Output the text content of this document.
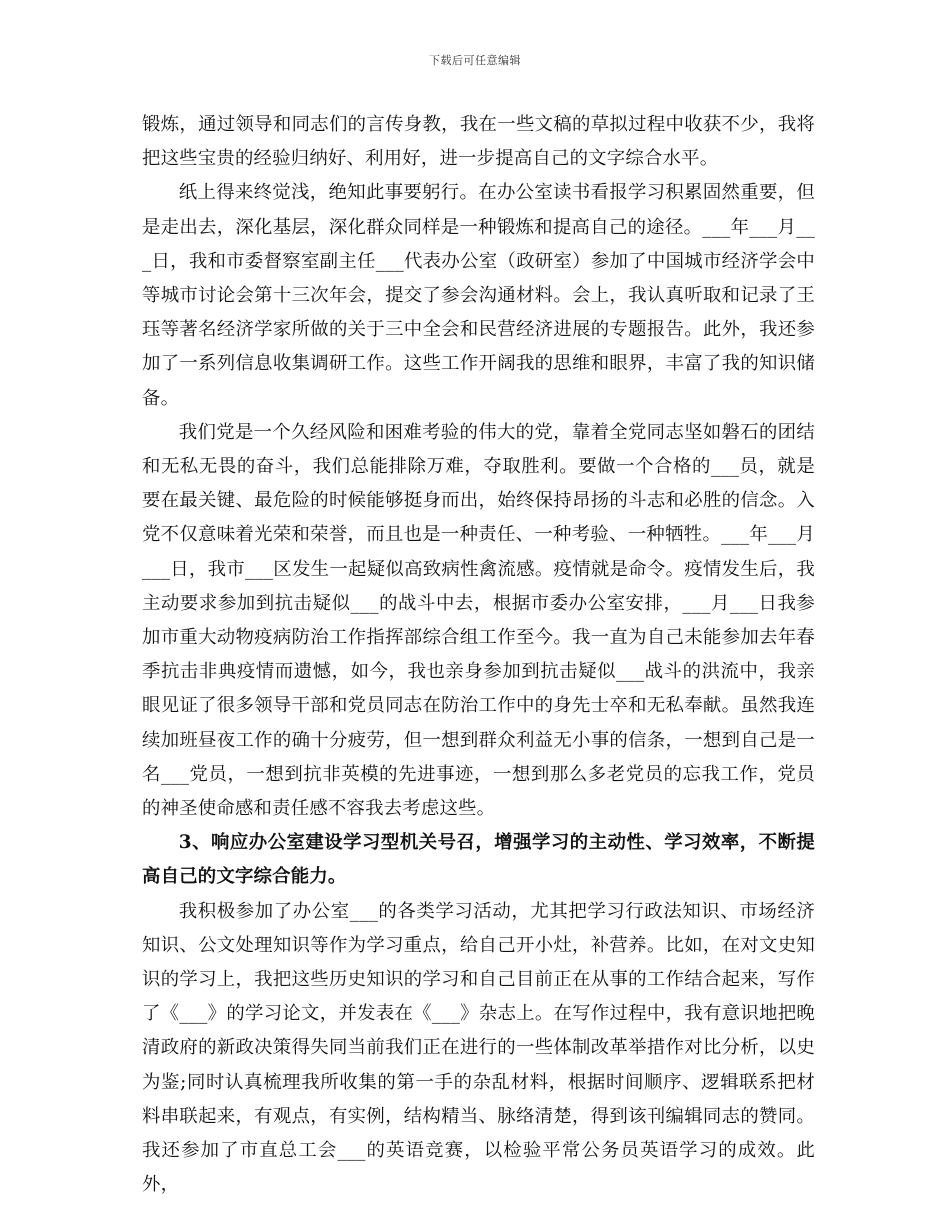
下载后可任意编辑

锻炼，通过领导和同志们的言传身教，我在一些文稿的草拟过程中收获不少，我将把这些宝贵的经验归纳好、利用好，进一步提高自己的文字综合水平。

纸上得来终觉浅，绝知此事要躬行。在办公室读书看报学习积累固然重要，但是走出去，深化基层，深化群众同样是一种锻炼和提高自己的途径。___年___月___日，我和市委督察室副主任___代表办公室（政研室）参加了中国城市经济学会中等城市讨论会第十三次年会，提交了参会沟通材料。会上，我认真听取和记录了王珏等著名经济学家所做的关于三中全会和民营经济进展的专题报告。此外，我还参加了一系列信息收集调研工作。这些工作开阔我的思维和眼界，丰富了我的知识储备。

我们党是一个久经风险和困难考验的伟大的党，靠着全党同志坚如磐石的团结和无私无畏的奋斗，我们总能排除万难，夺取胜利。要做一个合格的___员，就是要在最关键、最危险的时候能够挺身而出，始终保持昂扬的斗志和必胜的信念。入党不仅意味着光荣和荣誉，而且也是一种责任、一种考验、一种牺牲。___年___月___日，我市___区发生一起疑似高致病性禽流感。疫情就是命令。疫情发生后，我主动要求参加到抗击疑似___的战斗中去，根据市委办公室安排，___月___日我参加市重大动物疫病防治工作指挥部综合组工作至今。我一直为自己未能参加去年春季抗击非典疫情而遗憾，如今，我也亲身参加到抗击疑似___战斗的洪流中，我亲眼见证了很多领导干部和党员同志在防治工作中的身先士卒和无私奉献。虽然我连续加班昼夜工作的确十分疲劳，但一想到群众利益无小事的信条，一想到自己是一名___党员，一想到抗非英模的先进事迹，一想到那么多老党员的忘我工作，党员的神圣使命感和责任感不容我去考虑这些。

3、响应办公室建设学习型机关号召，增强学习的主动性、学习效率，不断提高自己的文字综合能力。

我积极参加了办公室___的各类学习活动，尤其把学习行政法知识、市场经济知识、公文处理知识等作为学习重点，给自己开小灶，补营养。比如，在对文史知识的学习上，我把这些历史知识的学习和自己目前正在从事的工作结合起来，写作了《___》的学习论文，并发表在《___》杂志上。在写作过程中，我有意识地把晚清政府的新政决策得失同当前我们正在进行的一些体制改革举措作对比分析，以史为鉴;同时认真梳理我所收集的第一手的杂乱材料，根据时间顺序、逻辑联系把材料串联起来，有观点，有实例，结构精当、脉络清楚，得到该刊编辑同志的赞同。我还参加了市直总工会___的英语竞赛，以检验平常公务员英语学习的成效。此外，
